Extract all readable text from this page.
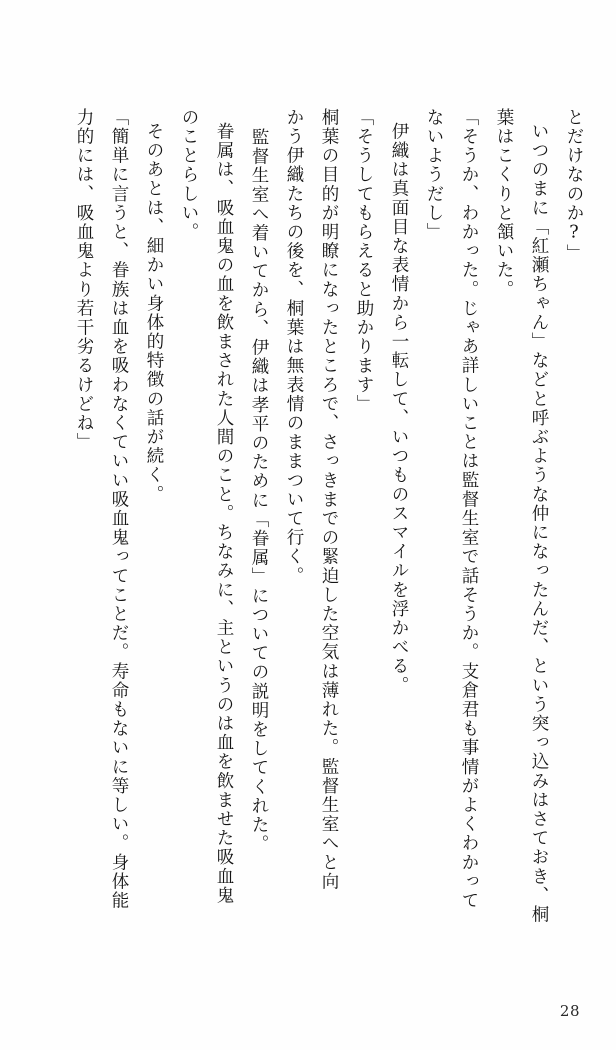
とだけなのか?」
いつのまに「紅瀬ちゃん」などと呼ぶような仲になったんだ、という突っ込みはさておき、桐
葉はこくりと頷いた。
「そうか、わかった。じゃあ詳しいことは監督生室で話そうか。支倉君も事情がよくわかって
ないようだし」
伊織は真面目な表情から一転して、いつものスマイルを浮かべる。
「そうしてもらえると助かります」
桐葉の目的が明瞭になったところで、さっきまでの緊迫した空気は薄れた。監督生室へと向
かう伊織たちの後を、桐葉は無表情のままついて行く。
監督生室へ着いてから、伊織は孝平のために「眷属」についての説明をしてくれた。
眷属は、吸血鬼の血を飲まされた人間のこと。ちなみに、主というのは血を飲ませた吸血鬼
のことらしい。
そのあとは、細かい身体的特徴の話が続く。
「簡単に言うと、眷族は血を吸わなくていい吸血鬼ってことだ。寿命もないに等しい。身体能
力的には、吸血鬼より若干劣るけどね」
28
